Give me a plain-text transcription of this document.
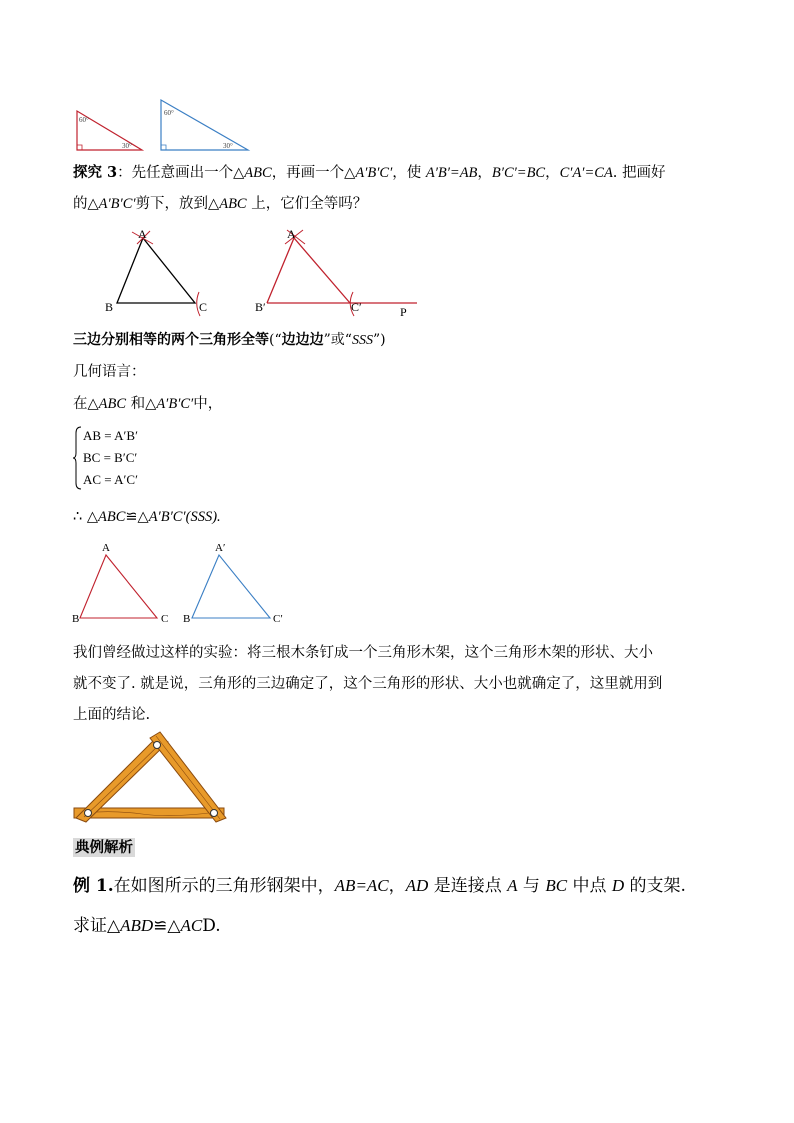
60°
30°
60°
30°
探究 3：先任意画出一个△ABC，再画一个△A′B′C′，使 A′B′=AB，B′C′=BC，C′A′=CA. 把画好
的△A′B′C′剪下，放到△ABC 上，它们全等吗？
A
B	C
A
B′	C′	P
三边分别相等的两个三角形全等(“边边边”或“SSS”)
几何语言：
在△ABC 和△A′B′C′中，
AB = A′B′
BC = B′C′
AC = A′C′
∴ △ABC≌△A′B′C′(SSS).
A
B	C
A′
B	C′
我们曾经做过这样的实验：将三根木条钉成一个三角形木架，这个三角形木架的形状、大小
就不变了. 就是说，三角形的三边确定了，这个三角形的形状、大小也就确定了，这里就用到
上面的结论.
典例解析
例 1.在如图所示的三角形钢架中，AB=AC，AD 是连接点 A 与 BC 中点 D 的支架.
求证△ABD≌△ACD.
